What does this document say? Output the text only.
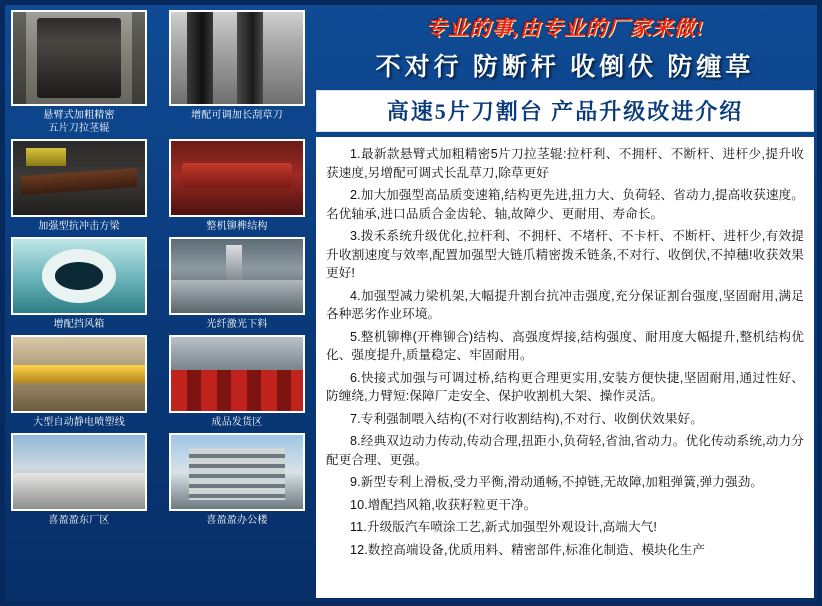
悬臂式加粗精密
五片刀拉茎辊
增配可调加长刮草刀
加强型抗冲击方梁	整机铆榫结构
增配挡风箱	光纤激光下料
大型自动静电喷塑线	成品发货区
喜盈盈东厂区	喜盈盈办公楼
专业的事,由专业的厂家来做!
不对行 防断杆 收倒伏 防缠草
高速5片刀割台 产品升级改进介绍

1.最新款悬臂式加粗精密5片刀拉茎辊:拉杆利、不拥杆、不断杆、进杆少,提升收获速度,另增配可调式长乱草刀,除草更好

2.加大加强型高品质变速箱,结构更先进,扭力大、负荷轻、省动力,提高收获速度。名优轴承,进口品质合金齿轮、轴,故障少、更耐用、寿命长。

3.拨禾系统升级优化,拉杆利、不拥杆、不堵杆、不卡杆、不断杆、进杆少,有效提升收割速度与效率,配置加强型大链爪精密拨禾链条,不对行、收倒伏,不掉穗!收获效果更好!

4.加强型减力梁机架,大幅提升割台抗冲击强度,充分保证割台强度,坚固耐用,满足各种恶劣作业环境。

5.整机铆榫(开榫铆合)结构、高强度焊接,结构强度、耐用度大幅提升,整机结构优化、强度提升,质量稳定、牢固耐用。

6.快接式加强与可调过桥,结构更合理更实用,安装方便快捷,坚固耐用,通过性好、防缠绕,力臂短:保障厂走安全、保护收割机大架、操作灵活。

7.专利强制喂入结构(不对行收割结构),不对行、收倒伏效果好。

8.经典双边动力传动,传动合理,扭距小,负荷轻,省油,省动力。优化传动系统,动力分配更合理、更强。

9.新型专利上滑板,受力平衡,滑动通畅,不掉链,无故障,加粗弹簧,弹力强劲。

10.增配挡风箱,收获籽粒更干净。

11.升级版汽车喷涂工艺,新式加强型外观设计,高端大气!

12.数控高端设备,优质用料、精密部件,标准化制造、模块化生产
